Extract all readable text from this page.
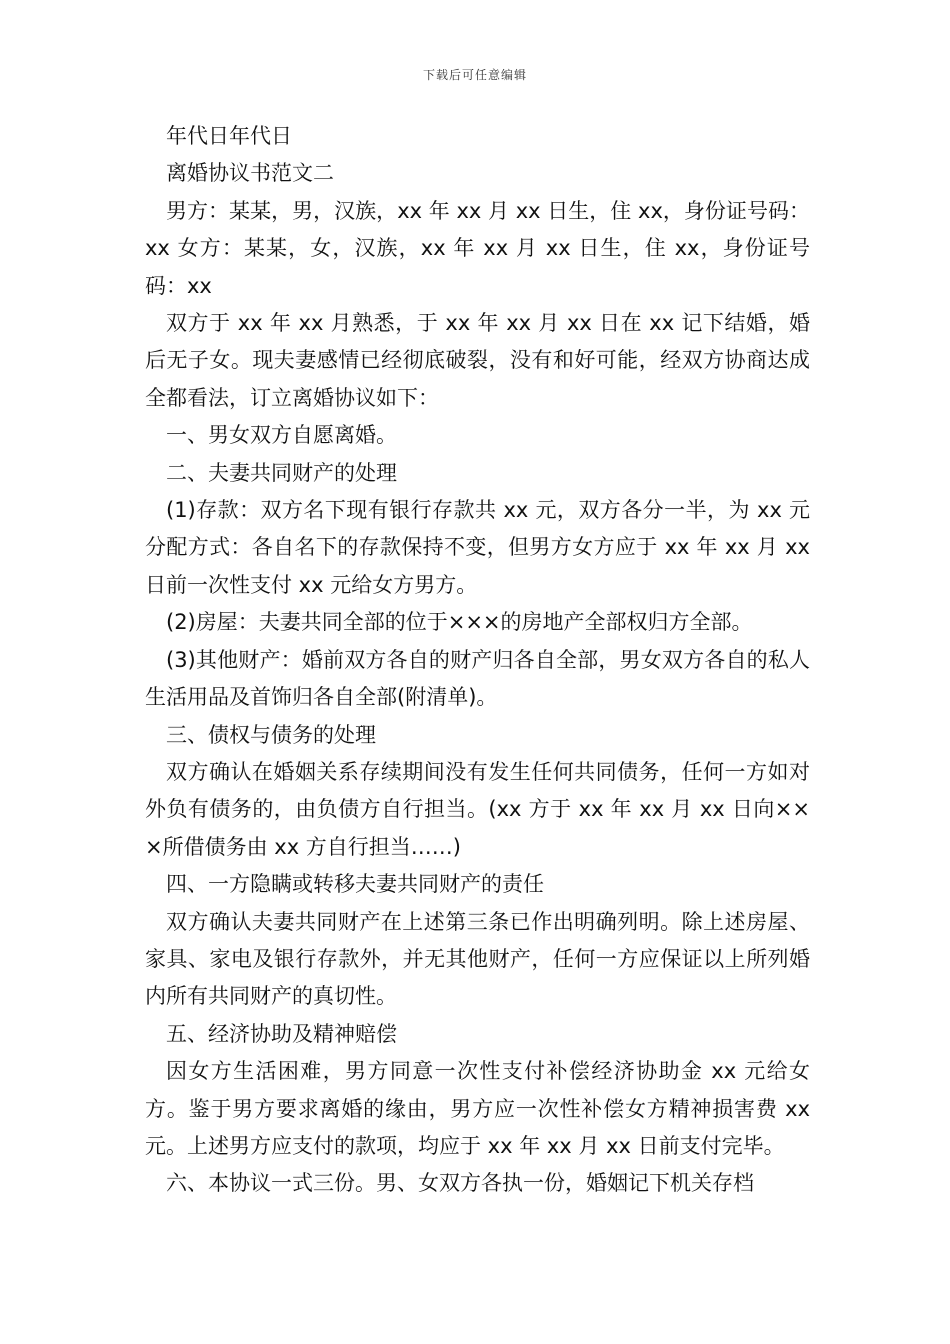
下载后可任意编辑

年代日年代日

离婚协议书范文二

男方：某某，男，汉族，xx 年 xx 月 xx 日生，住 xx，身份证号码：xx 女方：某某，女，汉族，xx 年 xx 月 xx 日生，住 xx，身份证号码：xx

双方于 xx 年 xx 月熟悉，于 xx 年 xx 月 xx 日在 xx 记下结婚，婚后无子女。现夫妻感情已经彻底破裂，没有和好可能，经双方协商达成全都看法，订立离婚协议如下：

一、男女双方自愿离婚。

二、夫妻共同财产的处理

(1)存款：双方名下现有银行存款共 xx 元，双方各分一半，为 xx 元分配方式：各自名下的存款保持不变，但男方女方应于 xx 年 xx 月 xx 日前一次性支付 xx 元给女方男方。

(2)房屋：夫妻共同全部的位于×××的房地产全部权归方全部。

(3)其他财产：婚前双方各自的财产归各自全部，男女双方各自的私人生活用品及首饰归各自全部(附清单)。

三、债权与债务的处理

双方确认在婚姻关系存续期间没有发生任何共同债务，任何一方如对外负有债务的，由负债方自行担当。(xx 方于 xx 年 xx 月 xx 日向×××所借债务由 xx 方自行担当……)

四、一方隐瞒或转移夫妻共同财产的责任

双方确认夫妻共同财产在上述第三条已作出明确列明。除上述房屋、家具、家电及银行存款外，并无其他财产，任何一方应保证以上所列婚内所有共同财产的真切性。

五、经济协助及精神赔偿

因女方生活困难，男方同意一次性支付补偿经济协助金 xx 元给女方。鉴于男方要求离婚的缘由，男方应一次性补偿女方精神损害费 xx 元。上述男方应支付的款项，均应于 xx 年 xx 月 xx 日前支付完毕。

六、本协议一式三份。男、女双方各执一份，婚姻记下机关存档
